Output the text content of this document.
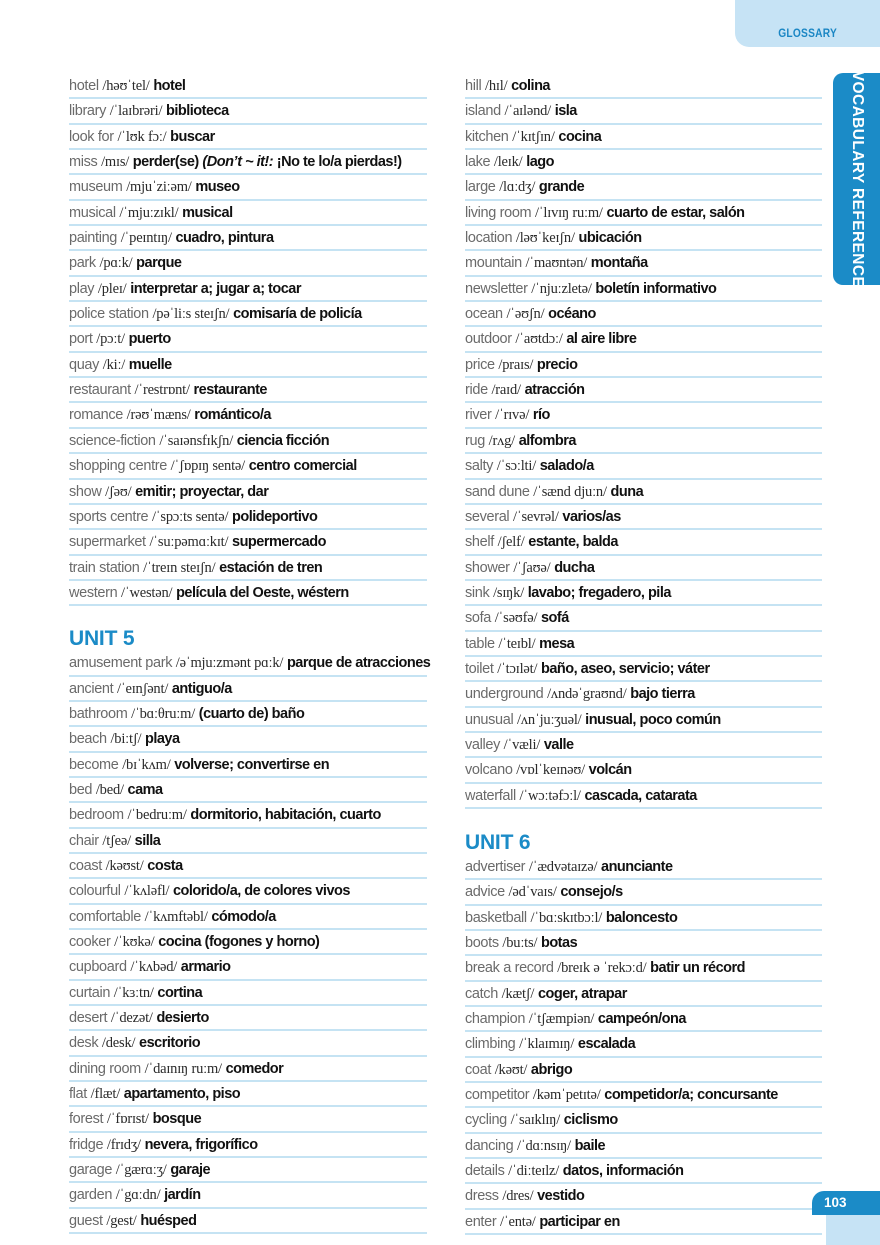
GLOSSARY
VOCABULARY REFERENCE
hotel /həʊˈtel/ hotel
library /ˈlaɪbrəri/ biblioteca
look for /ˈlʊk fɔː/ buscar
miss /mɪs/ perder(se) (Don’t ~ it!: ¡No te lo/a pierdas!)
museum /mjuˈziːəm/ museo
musical /ˈmjuːzɪkl/ musical
painting /ˈpeɪntɪŋ/ cuadro, pintura
park /pɑːk/ parque
play /pleɪ/ interpretar a; jugar a; tocar
police station /pəˈliːs steɪʃn/ comisaría de policía
port /pɔːt/ puerto
quay /kiː/ muelle
restaurant /ˈrestrɒnt/ restaurante
romance /rəʊˈmæns/ romántico/a
science-fiction /ˈsaɪənsfɪkʃn/ ciencia ficción
shopping centre /ˈʃɒpɪŋ sentə/ centro comercial
show /ʃəʊ/ emitir; proyectar, dar
sports centre /ˈspɔːts sentə/ polideportivo
supermarket /ˈsuːpəmɑːkɪt/ supermercado
train station /ˈtreɪn steɪʃn/ estación de tren
western /ˈwestən/ película del Oeste, wéstern
UNIT 5
amusement park /əˈmjuːzmənt pɑːk/ parque de atracciones
ancient /ˈeɪnʃənt/ antiguo/a
bathroom /ˈbɑːθruːm/ (cuarto de) baño
beach /biːtʃ/ playa
become /bɪˈkʌm/ volverse; convertirse en
bed /bed/ cama
bedroom /ˈbedruːm/ dormitorio, habitación, cuarto
chair /tʃeə/ silla
coast /kəʊst/ costa
colourful /ˈkʌləfl/ colorido/a, de colores vivos
comfortable /ˈkʌmftəbl/ cómodo/a
cooker /ˈkʊkə/ cocina (fogones y horno)
cupboard /ˈkʌbəd/ armario
curtain /ˈkɜːtn/ cortina
desert /ˈdezət/ desierto
desk /desk/ escritorio
dining room /ˈdaɪnɪŋ ruːm/ comedor
flat /flæt/ apartamento, piso
forest /ˈfɒrɪst/ bosque
fridge /frɪdʒ/ nevera, frigorífico
garage /ˈgærɑːʒ/ garaje
garden /ˈgɑːdn/ jardín
guest /gest/ huésped
hill /hɪl/ colina
island /ˈaɪlənd/ isla
kitchen /ˈkɪtʃɪn/ cocina
lake /leɪk/ lago
large /lɑːdʒ/ grande
living room /ˈlɪvɪŋ ruːm/ cuarto de estar, salón
location /ləʊˈkeɪʃn/ ubicación
mountain /ˈmaʊntən/ montaña
newsletter /ˈnjuːzletə/ boletín informativo
ocean /ˈəʊʃn/ océano
outdoor /ˈaʊtdɔː/ al aire libre
price /praɪs/ precio
ride /raɪd/ atracción
river /ˈrɪvə/ río
rug /rʌg/ alfombra
salty /ˈsɔːlti/ salado/a
sand dune /ˈsænd djuːn/ duna
several /ˈsevrəl/ varios/as
shelf /ʃelf/ estante, balda
shower /ˈʃaʊə/ ducha
sink /sɪŋk/ lavabo; fregadero, pila
sofa /ˈsəʊfə/ sofá
table /ˈteɪbl/ mesa
toilet /ˈtɔɪlət/ baño, aseo, servicio; váter
underground /ʌndəˈgraʊnd/ bajo tierra
unusual /ʌnˈjuːʒuəl/ inusual, poco común
valley /ˈvæli/ valle
volcano /vɒlˈkeɪnəʊ/ volcán
waterfall /ˈwɔːtəfɔːl/ cascada, catarata
UNIT 6
advertiser /ˈædvətaɪzə/ anunciante
advice /ədˈvaɪs/ consejo/s
basketball /ˈbɑːskɪtbɔːl/ baloncesto
boots /buːts/ botas
break a record /breɪk ə ˈrekɔːd/ batir un récord
catch /kætʃ/ coger, atrapar
champion /ˈtʃæmpiən/ campeón/ona
climbing /ˈklaɪmɪŋ/ escalada
coat /kəʊt/ abrigo
competitor /kəmˈpetɪtə/ competidor/a; concursante
cycling /ˈsaɪklɪŋ/ ciclismo
dancing /ˈdɑːnsɪŋ/ baile
details /ˈdiːteɪlz/ datos, información
dress /dres/ vestido
enter /ˈentə/ participar en
103
